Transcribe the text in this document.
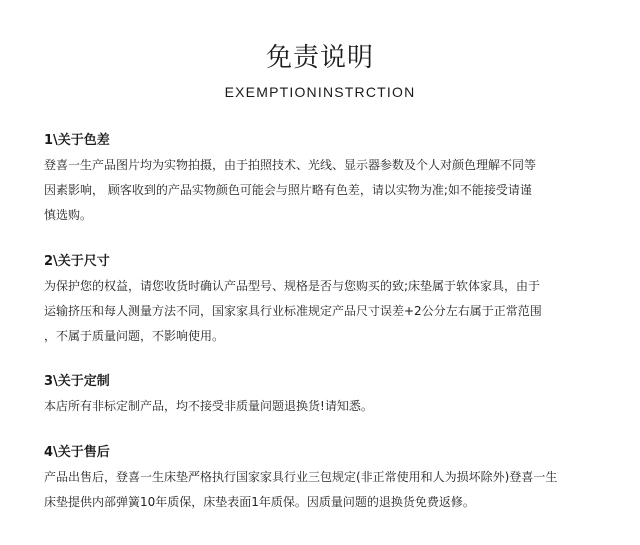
免责说明
EXEMPTIONINSTRCTION
1\关于色差
登喜一生产品图片均为实物拍摄，由于拍照技术、光线、显示器参数及个人对颜色理解不同等
因素影响， 顾客收到的产品实物颜色可能会与照片略有色差，请以实物为准;如不能接受请谨
慎选购。
2\关于尺寸
为保护您的权益，请您收货时确认产品型号、规格是否与您购买的致;床垫属于软体家具，由于
运输挤压和每人测量方法不同，国家家具行业标准规定产品尺寸误差+2公分左右属于正常范围
，不属于质量问题，不影响使用。
3\关于定制
本店所有非标定制产品，均不接受非质量问题退换货!请知悉。
4\关于售后
产品出售后，登喜一生床垫严格执行国家家具行业三包规定(非正常使用和人为损坏除外)登喜一生
床垫提供内部弹簧10年质保，床垫表面1年质保。因质量问题的退换货免费返修。
